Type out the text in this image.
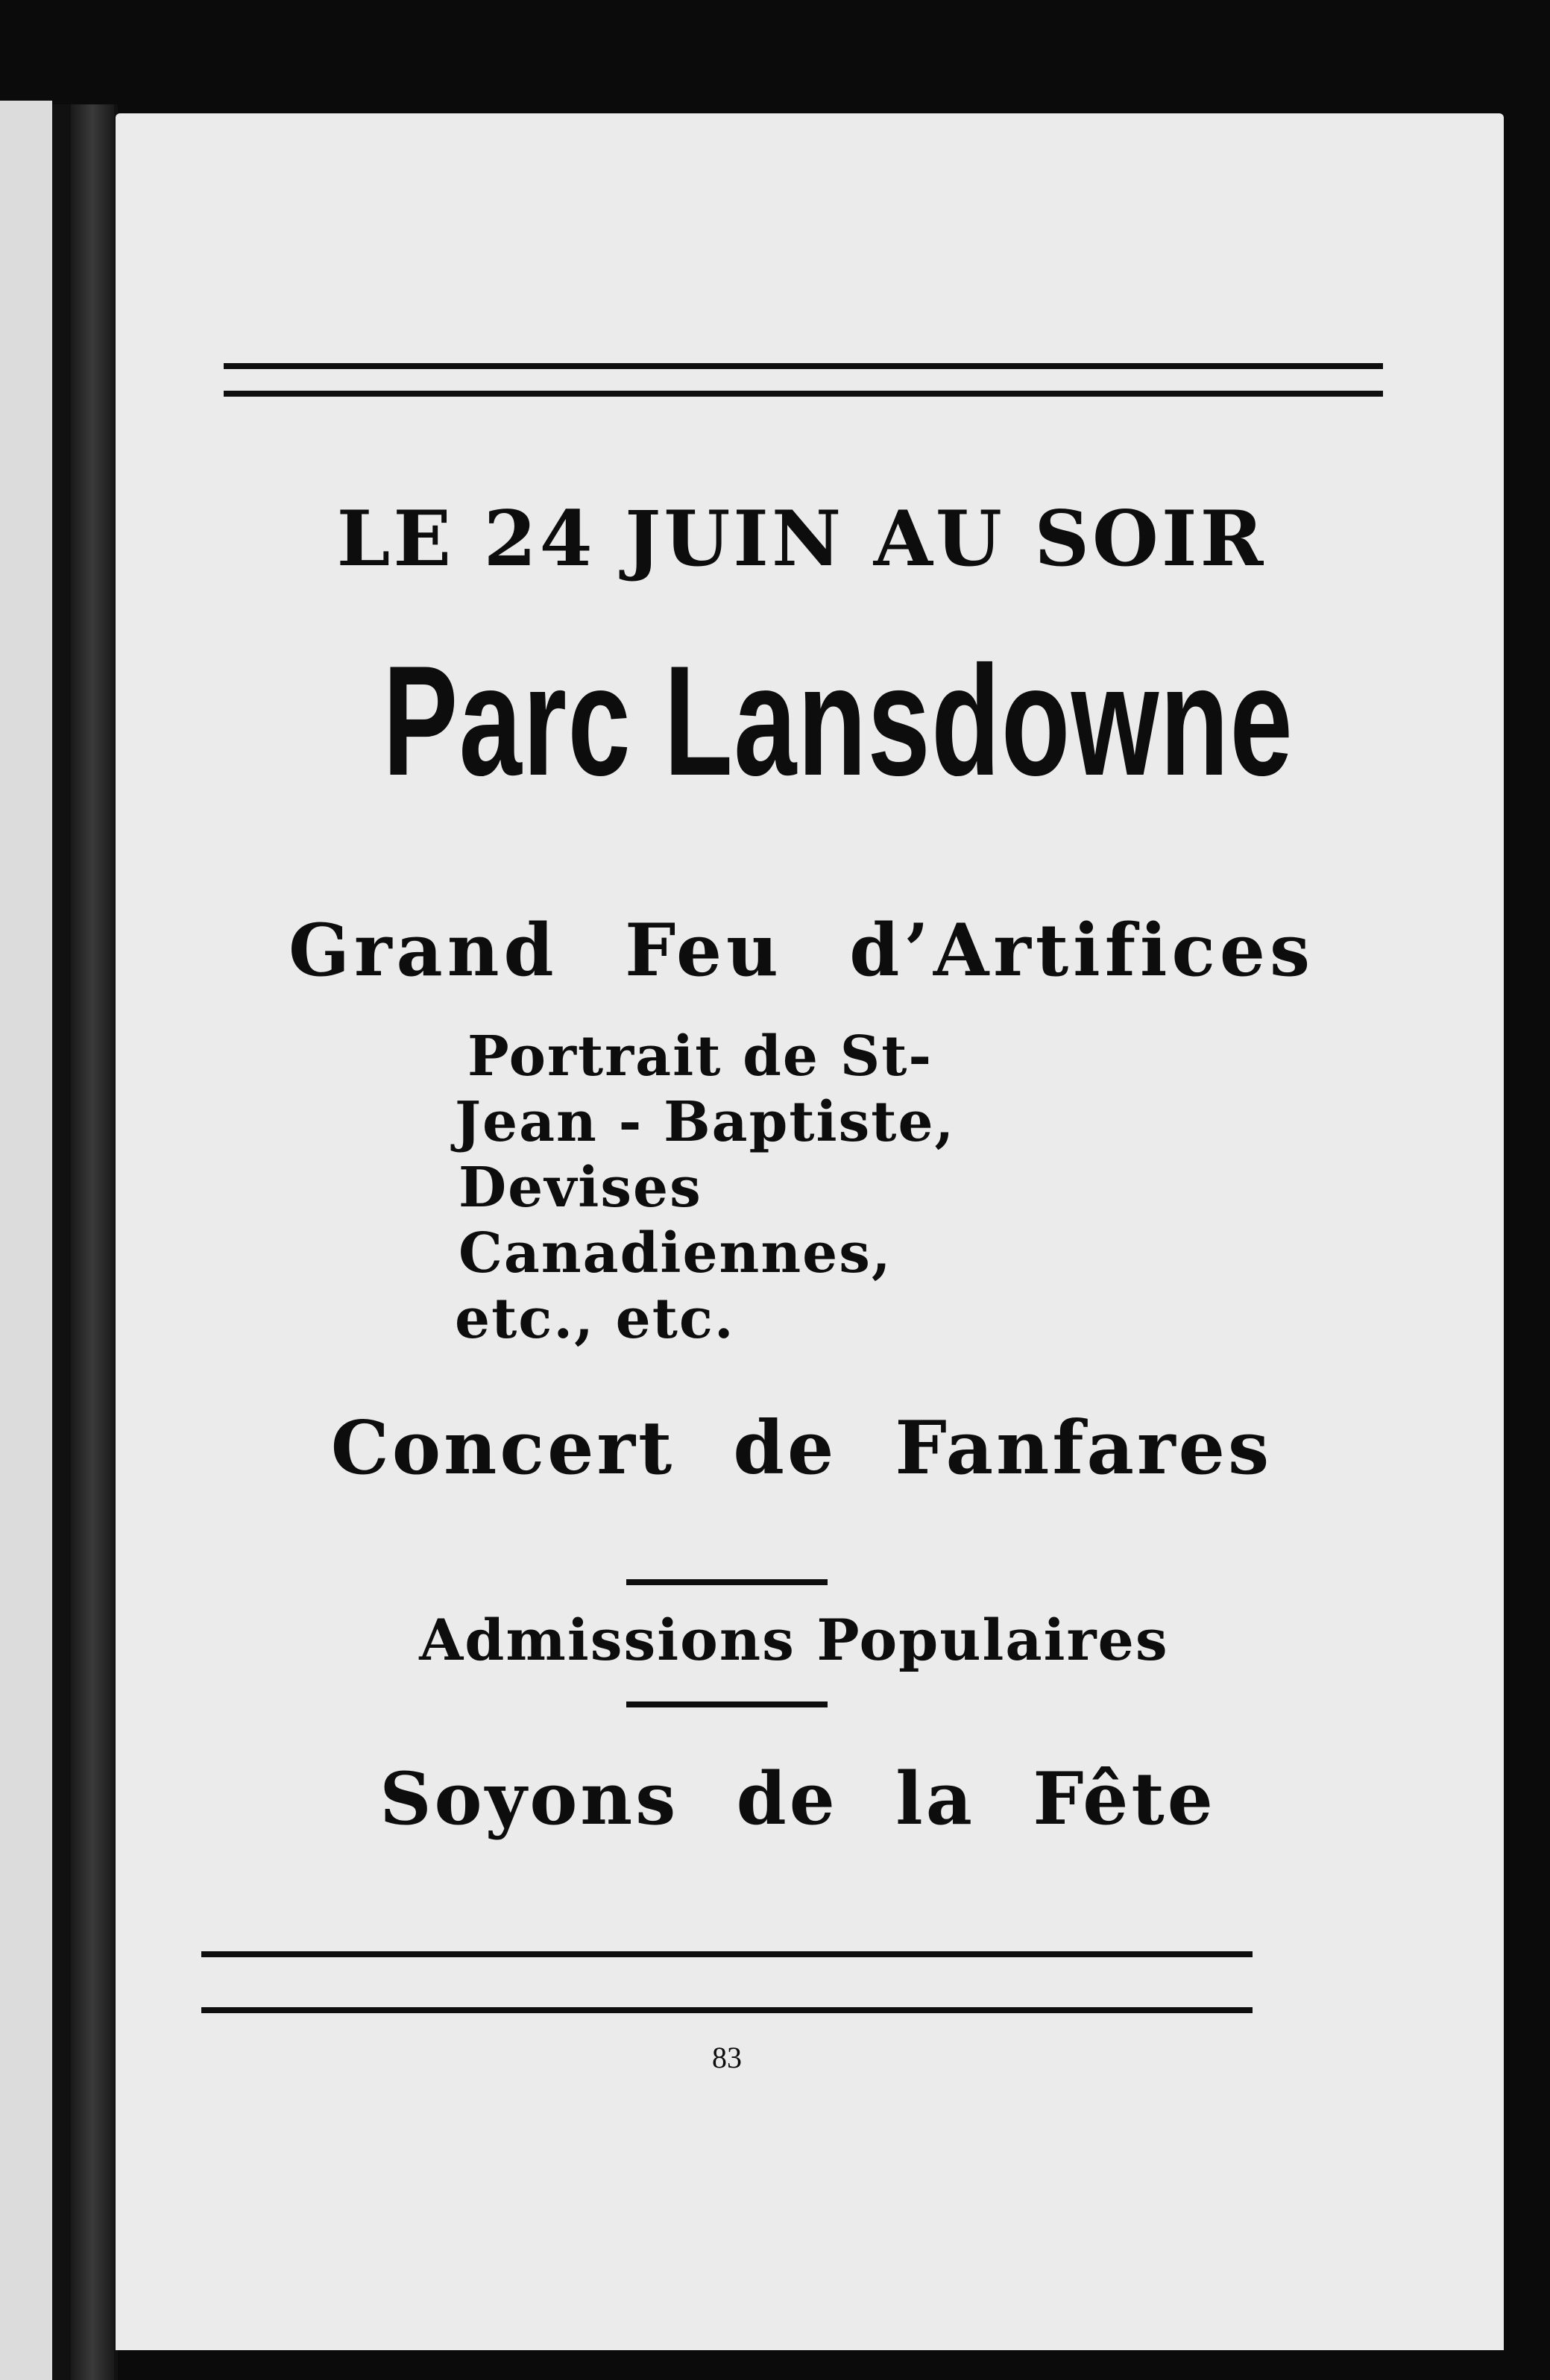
LE 24 JUIN AU SOIR
Parc Lansdowne
Grand Feu d’Artifices
Portrait de St-
Jean - Baptiste,
Devises
Canadiennes,
etc., etc.
Concert de Fanfares
Admissions Populaires
Soyons de la Fête
83
